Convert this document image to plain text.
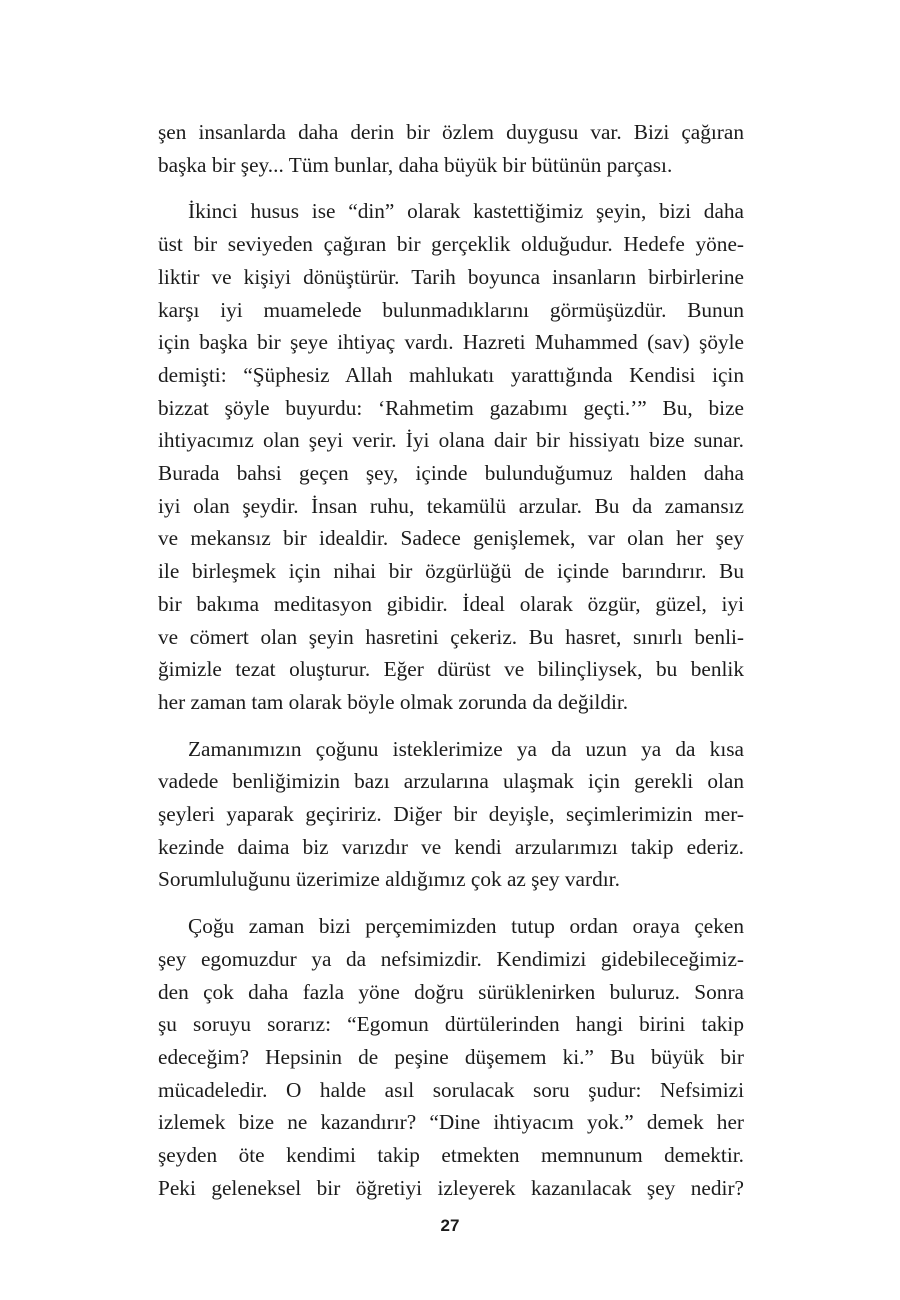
şen insanlarda daha derin bir özlem duygusu var. Bizi çağıran
başka bir şey... Tüm bunlar, daha büyük bir bütünün parçası.

İkinci husus ise “din” olarak kastettiğimiz şeyin, bizi daha
üst bir seviyeden çağıran bir gerçeklik olduğudur. Hedefe yöne-
liktir ve kişiyi dönüştürür. Tarih boyunca insanların birbirlerine
karşı iyi muamelede bulunmadıklarını görmüşüzdür. Bunun
için başka bir şeye ihtiyaç vardı. Hazreti Muhammed (sav) şöyle
demişti: “Şüphesiz Allah mahlukatı yarattığında Kendisi için
bizzat şöyle buyurdu: ‘Rahmetim gazabımı geçti.’” Bu, bize
ihtiyacımız olan şeyi verir. İyi olana dair bir hissiyatı bize sunar.
Burada bahsi geçen şey, içinde bulunduğumuz halden daha
iyi olan şeydir. İnsan ruhu, tekamülü arzular. Bu da zamansız
ve mekansız bir idealdir. Sadece genişlemek, var olan her şey
ile birleşmek için nihai bir özgürlüğü de içinde barındırır. Bu
bir bakıma meditasyon gibidir. İdeal olarak özgür, güzel, iyi
ve cömert olan şeyin hasretini çekeriz. Bu hasret, sınırlı benli-
ğimizle tezat oluşturur. Eğer dürüst ve bilinçliysek, bu benlik
her zaman tam olarak böyle olmak zorunda da değildir.

Zamanımızın çoğunu isteklerimize ya da uzun ya da kısa
vadede benliğimizin bazı arzularına ulaşmak için gerekli olan
şeyleri yaparak geçiririz. Diğer bir deyişle, seçimlerimizin mer-
kezinde daima biz varızdır ve kendi arzularımızı takip ederiz.
Sorumluluğunu üzerimize aldığımız çok az şey vardır.

Çoğu zaman bizi perçemimizden tutup ordan oraya çeken
şey egomuzdur ya da nefsimizdir. Kendimizi gidebileceğimiz-
den çok daha fazla yöne doğru sürüklenirken buluruz. Sonra
şu soruyu sorarız: “Egomun dürtülerinden hangi birini takip
edeceğim? Hepsinin de peşine düşemem ki.” Bu büyük bir
mücadeledir. O halde asıl sorulacak soru şudur: Nefsimizi
izlemek bize ne kazandırır? “Dine ihtiyacım yok.” demek her
şeyden öte kendimi takip etmekten memnunum demektir.
Peki geleneksel bir öğretiyi izleyerek kazanılacak şey nedir?

27
